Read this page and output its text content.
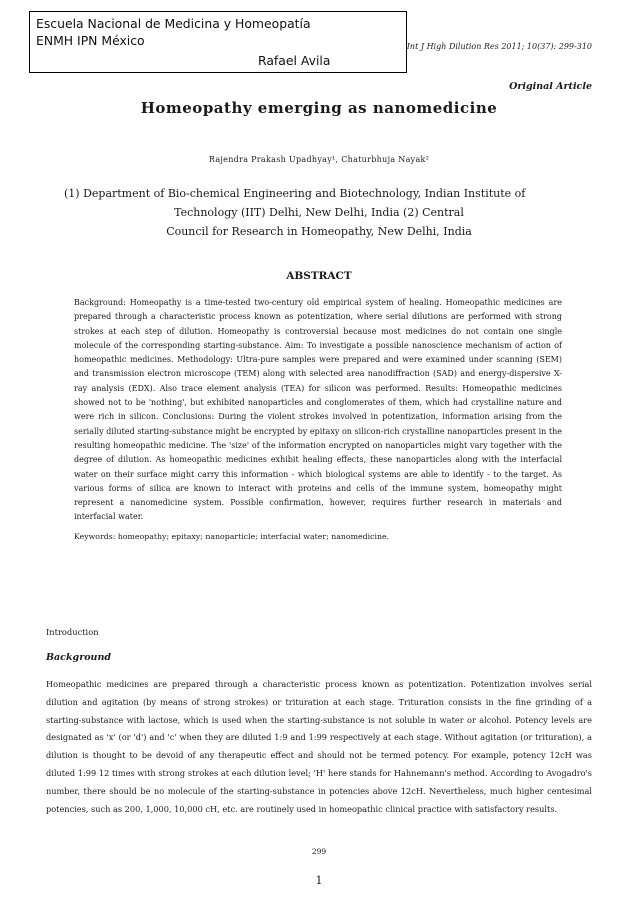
Escuela Nacional de Medicina y Homeopatía
ENMH IPN México
Rafael Avila
Int J High Dilution Res 2011; 10(37): 299-310
Original Article
Homeopathy emerging as nanomedicine
Rajendra Prakash Upadhyay¹, Chaturbhuja Nayak²
(1) Department of Bio-chemical Engineering and Biotechnology, Indian Institute of
Technology (IIT) Delhi, New Delhi, India (2) Central
Council for Research in Homeopathy, New Delhi, India
ABSTRACT
Background: Homeopathy is a time-tested two-century old empirical system of healing. Homeopathic medicines are prepared through a characteristic process known as potentization, where serial dilutions are performed with strong strokes at each step of dilution. Homeopathy is controversial because most medicines do not contain one single molecule of the corresponding starting-substance. Aim: To investigate a possible nanoscience mechanism of action of homeopathic medicines. Methodology: Ultra-pure samples were prepared and were examined under scanning (SEM) and transmission electron microscope (TEM) along with selected area nanodiffraction (SAD) and energy-dispersive X-ray analysis (EDX). Also trace element analysis (TEA) for silicon was performed. Results: Homeopathic medicines showed not to be 'nothing', but exhibited nanoparticles and conglomerates of them, which had crystalline nature and were rich in silicon. Conclusions: During the violent strokes involved in potentization, information arising from the serially diluted starting-substance might be encrypted by epitaxy on silicon-rich crystalline nanoparticles present in the resulting homeopathic medicine. The 'size' of the information encrypted on nanoparticles might vary together with the degree of dilution. As homeopathic medicines exhibit healing effects, these nanoparticles along with the interfacial water on their surface might carry this information - which biological systems are able to identify - to the target. As various forms of silica are known to interact with proteins and cells of the immune system, homeopathy might represent a nanomedicine system. Possible confirmation, however, requires further research in materials and interfacial water.
Keywords: homeopathy; epitaxy; nanoparticle; interfacial water; nanomedicine.
Introduction
Background
Homeopathic medicines are prepared through a characteristic process known as potentization. Potentization involves serial dilution and agitation (by means of strong strokes) or trituration at each stage. Trituration consists in the fine grinding of a starting-substance with lactose, which is used when the starting-substance is not soluble in water or alcohol. Potency levels are designated as 'x' (or 'd') and 'c' when they are diluted 1:9 and 1:99 respectively at each stage. Without agitation (or trituration), a dilution is thought to be devoid of any therapeutic effect and should not be termed potency. For example, potency 12cH was diluted 1:99 12 times with strong strokes at each dilution level; 'H' here stands for Hahnemann's method. According to Avogadro's number, there should be no molecule of the starting-substance in potencies above 12cH. Nevertheless, much higher centesimal potencies, such as 200, 1,000, 10,000 cH, etc. are routinely used in homeopathic clinical practice with satisfactory results.
299
1
